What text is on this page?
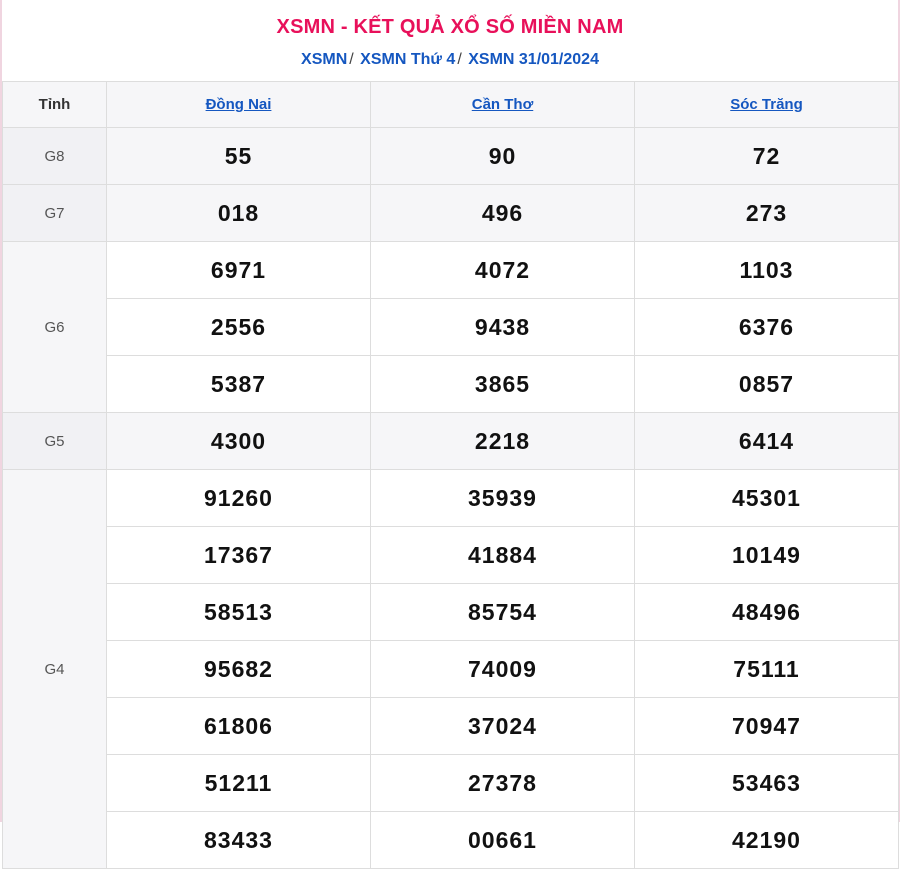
XSMN - KẾT QUẢ XỔ SỐ MIỀN NAM
XSMN / XSMN Thứ 4 / XSMN 31/01/2024
Tỉnh	Đồng Nai	Cần Thơ	Sóc Trăng
G8	55	90	72
G7	018	496	273
G6	6971	4072	1103
	2556	9438	6376
	5387	3865	0857
G5	4300	2218	6414
G4	91260	35939	45301
	17367	41884	10149
	58513	85754	48496
	95682	74009	75111
	61806	37024	70947
	51211	27378	53463
	83433	00661	42190
